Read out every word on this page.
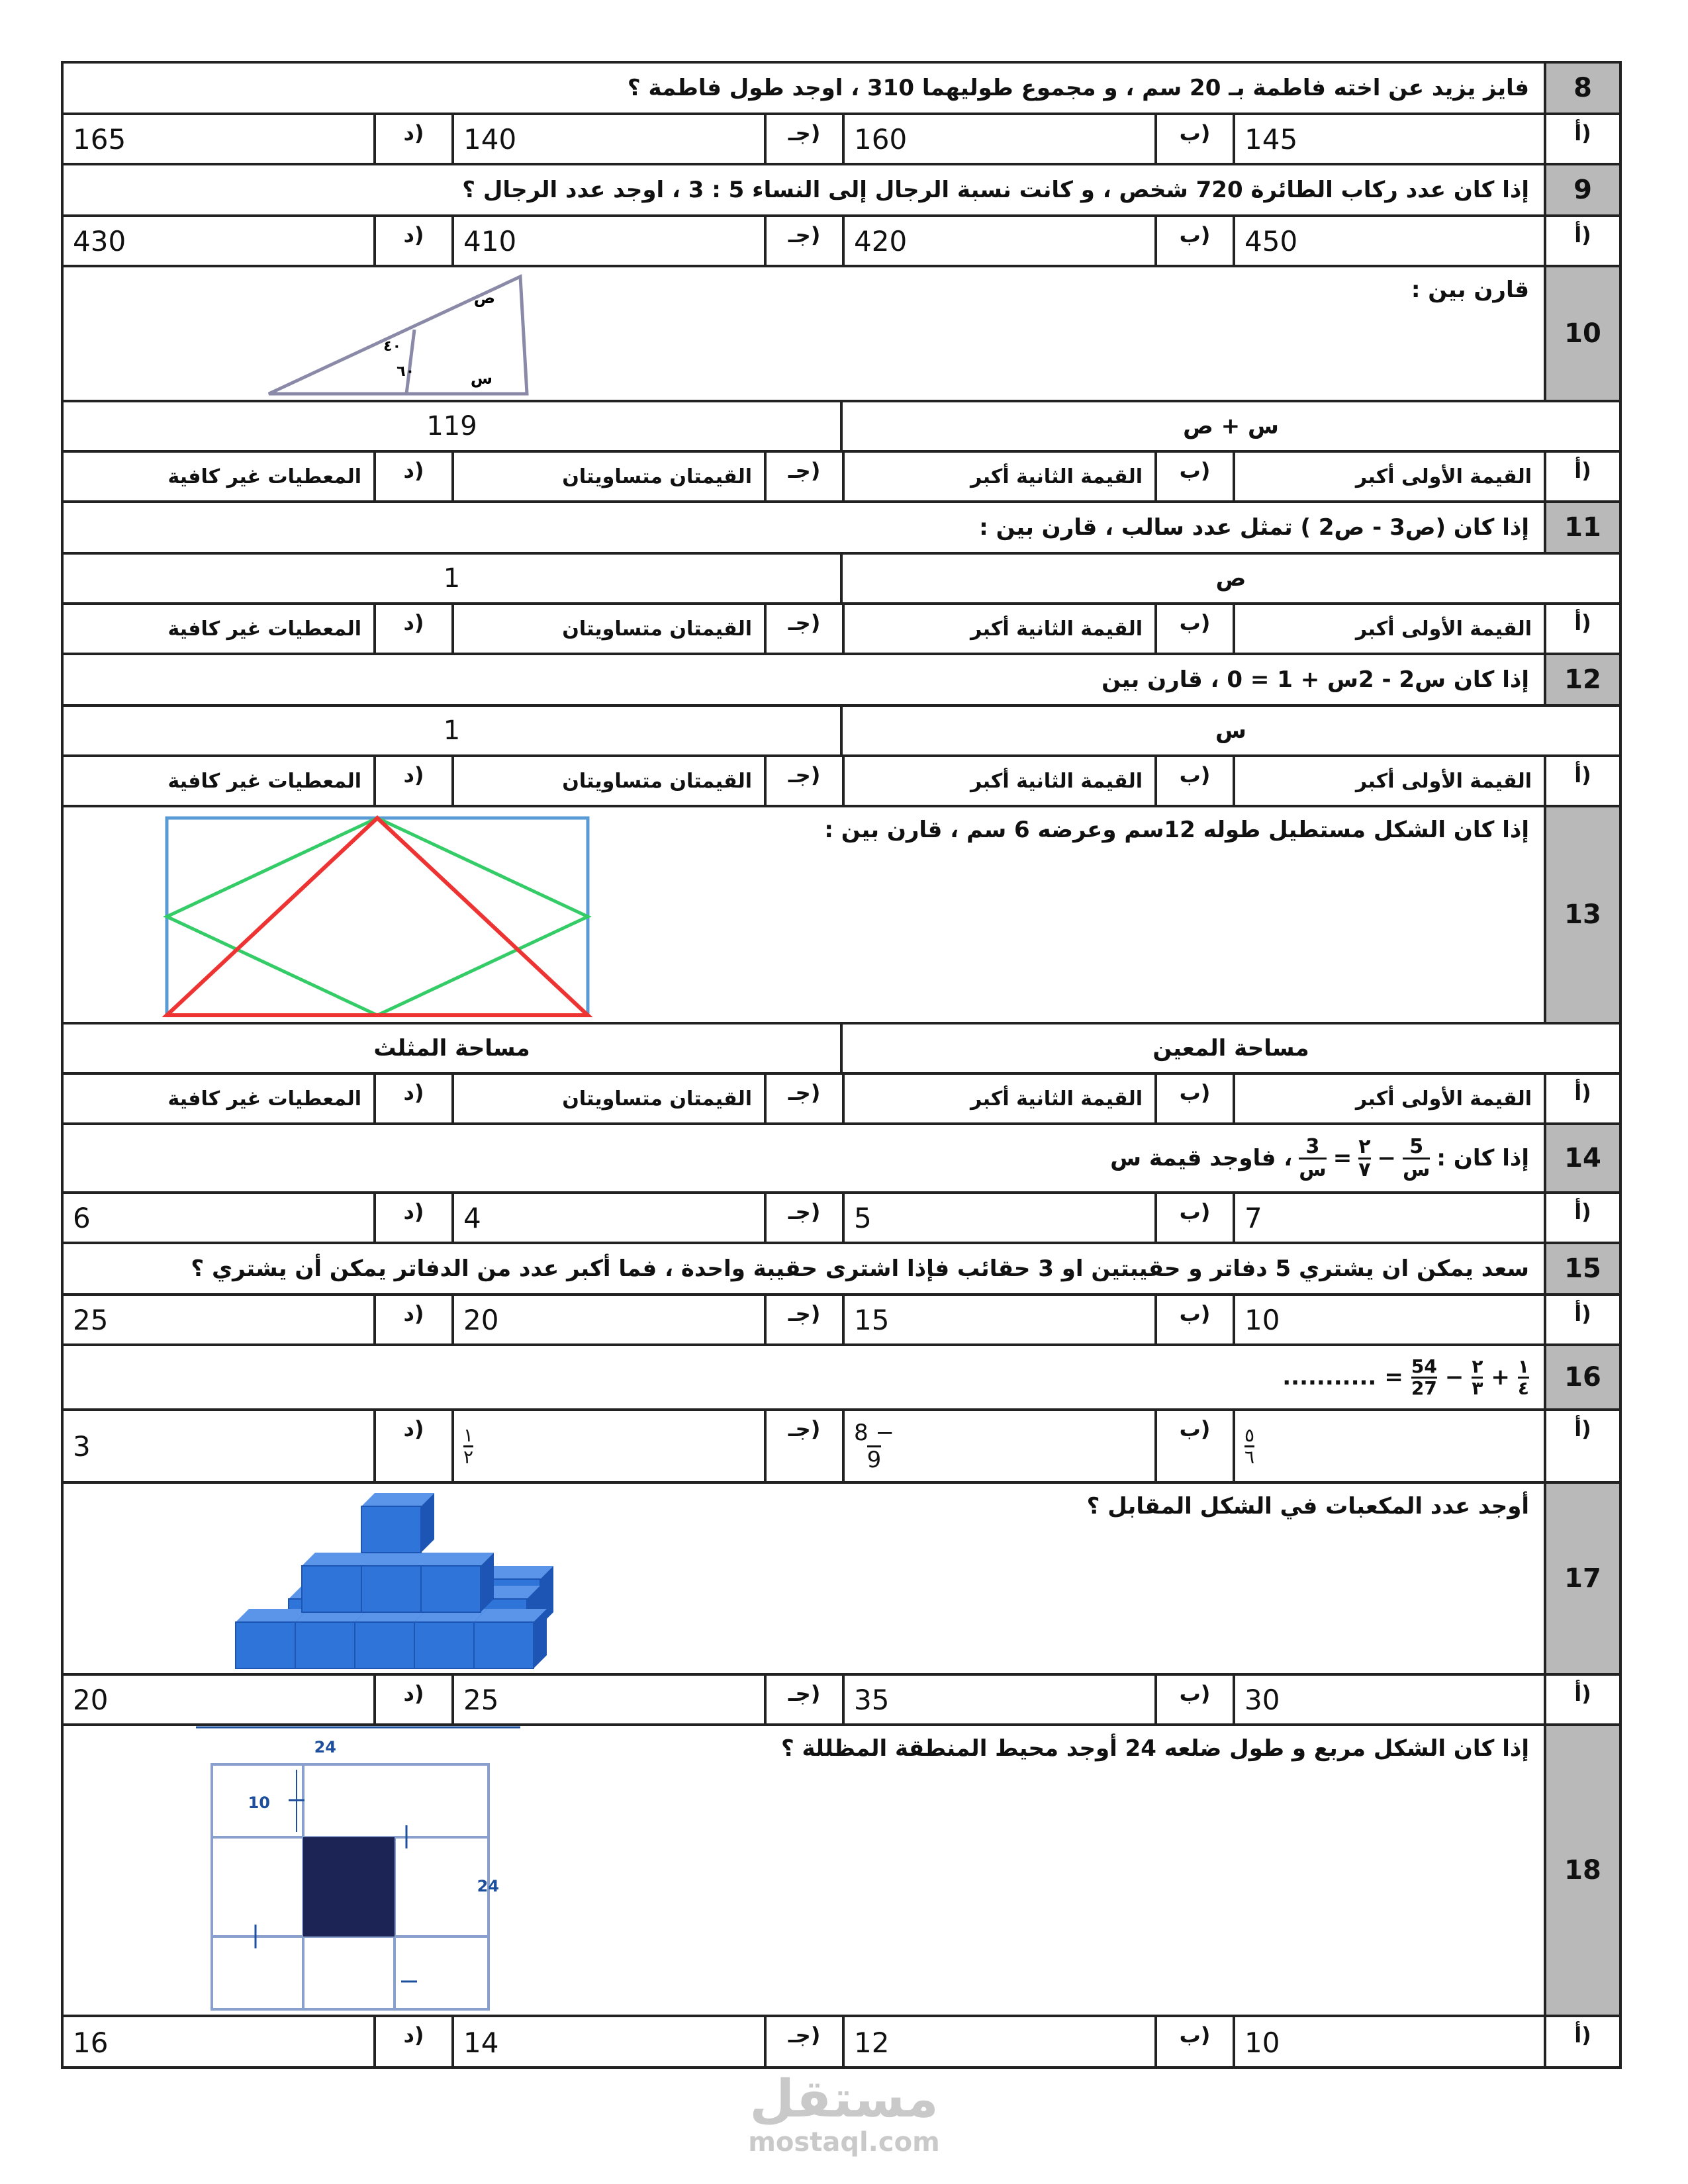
8
فايز يزيد عن اخته فاطمة بـ 20 سم ، و مجموع طوليهما 310 ، اوجد طول فاطمة ؟
أ)
145
ب)
160
جـ)
140
د)
165
9
إذا كان عدد ركاب الطائرة 720 شخص ، و كانت نسبة الرجال إلى النساء 5 : 3 ، اوجد عدد الرجال ؟
أ)
450
ب)
420
جـ)
410
د)
430
10
قارن بين :
ص
س
٤٠
٦٠
س + ص
119
أ)
القيمة الأولى أكبر
ب)
القيمة الثانية أكبر
جـ)
القيمتان متساويتان
د)
المعطيات غير كافية
11
إذا كان (ص3 - ص2 ) تمثل عدد سالب ، قارن بين :
ص
1
أ)
القيمة الأولى أكبر
ب)
القيمة الثانية أكبر
جـ)
القيمتان متساويتان
د)
المعطيات غير كافية
12
إذا كان س2 - 2س + 1 = 0 ، قارن بين
س
1
أ)
القيمة الأولى أكبر
ب)
القيمة الثانية أكبر
جـ)
القيمتان متساويتان
د)
المعطيات غير كافية
13
إذا كان الشكل مستطيل طوله 12سم وعرضه 6 سم ، قارن بين :
مساحة المعين
مساحة المثلث
أ)
القيمة الأولى أكبر
ب)
القيمة الثانية أكبر
جـ)
القيمتان متساويتان
د)
المعطيات غير كافية
14
إذا كان :
5
س
−
٢
٧
=
3
س
، فاوجد قيمة س
أ)
7
ب)
5
جـ)
4
د)
6
15
سعد يمكن ان يشتري 5 دفاتر و حقيبتين او 3 حقائب فإذا اشترى حقيبة واحدة ، فما أكبر عدد من الدفاتر يمكن أن يشتري ؟
أ)
10
ب)
15
جـ)
20
د)
25
16
١
٤
+
٢
٣
−
$\frac{54}{27}$
=
...........
أ)
٥
٦
ب)
$\frac{8 -}{9}$
جـ)
١
٢
د)
3
17
أوجد عدد المكعبات في الشكل المقابل ؟
أ)
30
ب)
35
جـ)
25
د)
20
18
إذا كان الشكل مربع و طول ضلعه 24 أوجد محيط المنطقة المظللة ؟
24
10
24
أ)
10
ب)
12
جـ)
14
د)
16
مستقل
mostaql.com
